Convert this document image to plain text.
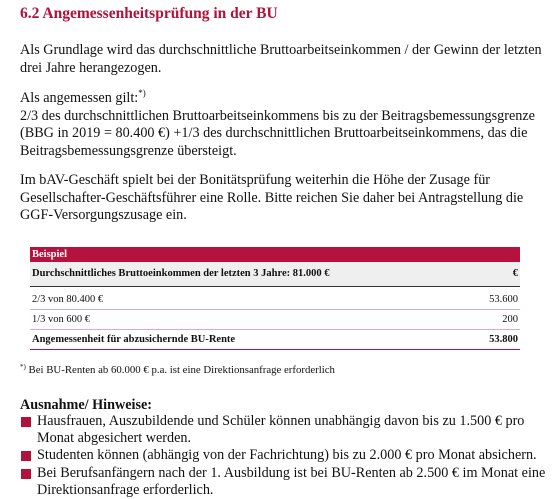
6.2 Angemessenheitsprüfung in der BU
Als Grundlage wird das durchschnittliche Bruttoarbeitseinkommen / der Gewinn der letzten drei Jahre herangezogen.
Als angemessen gilt:*)
2/3 des durchschnittlichen Bruttoarbeitseinkommens bis zu der Beitragsbemessungsgrenze (BBG in 2019 = 80.400 €) +1/3 des durchschnittlichen Bruttoarbeitseinkommens, das die Beitragsbemessungsgrenze übersteigt.
Im bAV-Geschäft spielt bei der Bonitätsprüfung weiterhin die Höhe der Zusage für Gesellschafter-Geschäftsführer eine Rolle. Bitte reichen Sie daher bei Antragstellung die GGF-Versorgungszusage ein.
Beispiel
Durchschnittliches Bruttoeinkommen der letzten 3 Jahre: 81.000 €	€
2/3 von 80.400 €	53.600
1/3 von 600 €	200
Angemessenheit für abzusichernde BU-Rente	53.800
*) Bei BU-Renten ab 60.000 € p.a. ist eine Direktionsanfrage erforderlich
Ausnahme/ Hinweise:
Hausfrauen, Auszubildende und Schüler können unabhängig davon bis zu 1.500 € pro Monat abgesichert werden.
Studenten können (abhängig von der Fachrichtung) bis zu 2.000 € pro Monat absichern.
Bei Berufsanfängern nach der 1. Ausbildung ist bei BU-Renten ab 2.500 € im Monat eine Direktionsanfrage erforderlich.
